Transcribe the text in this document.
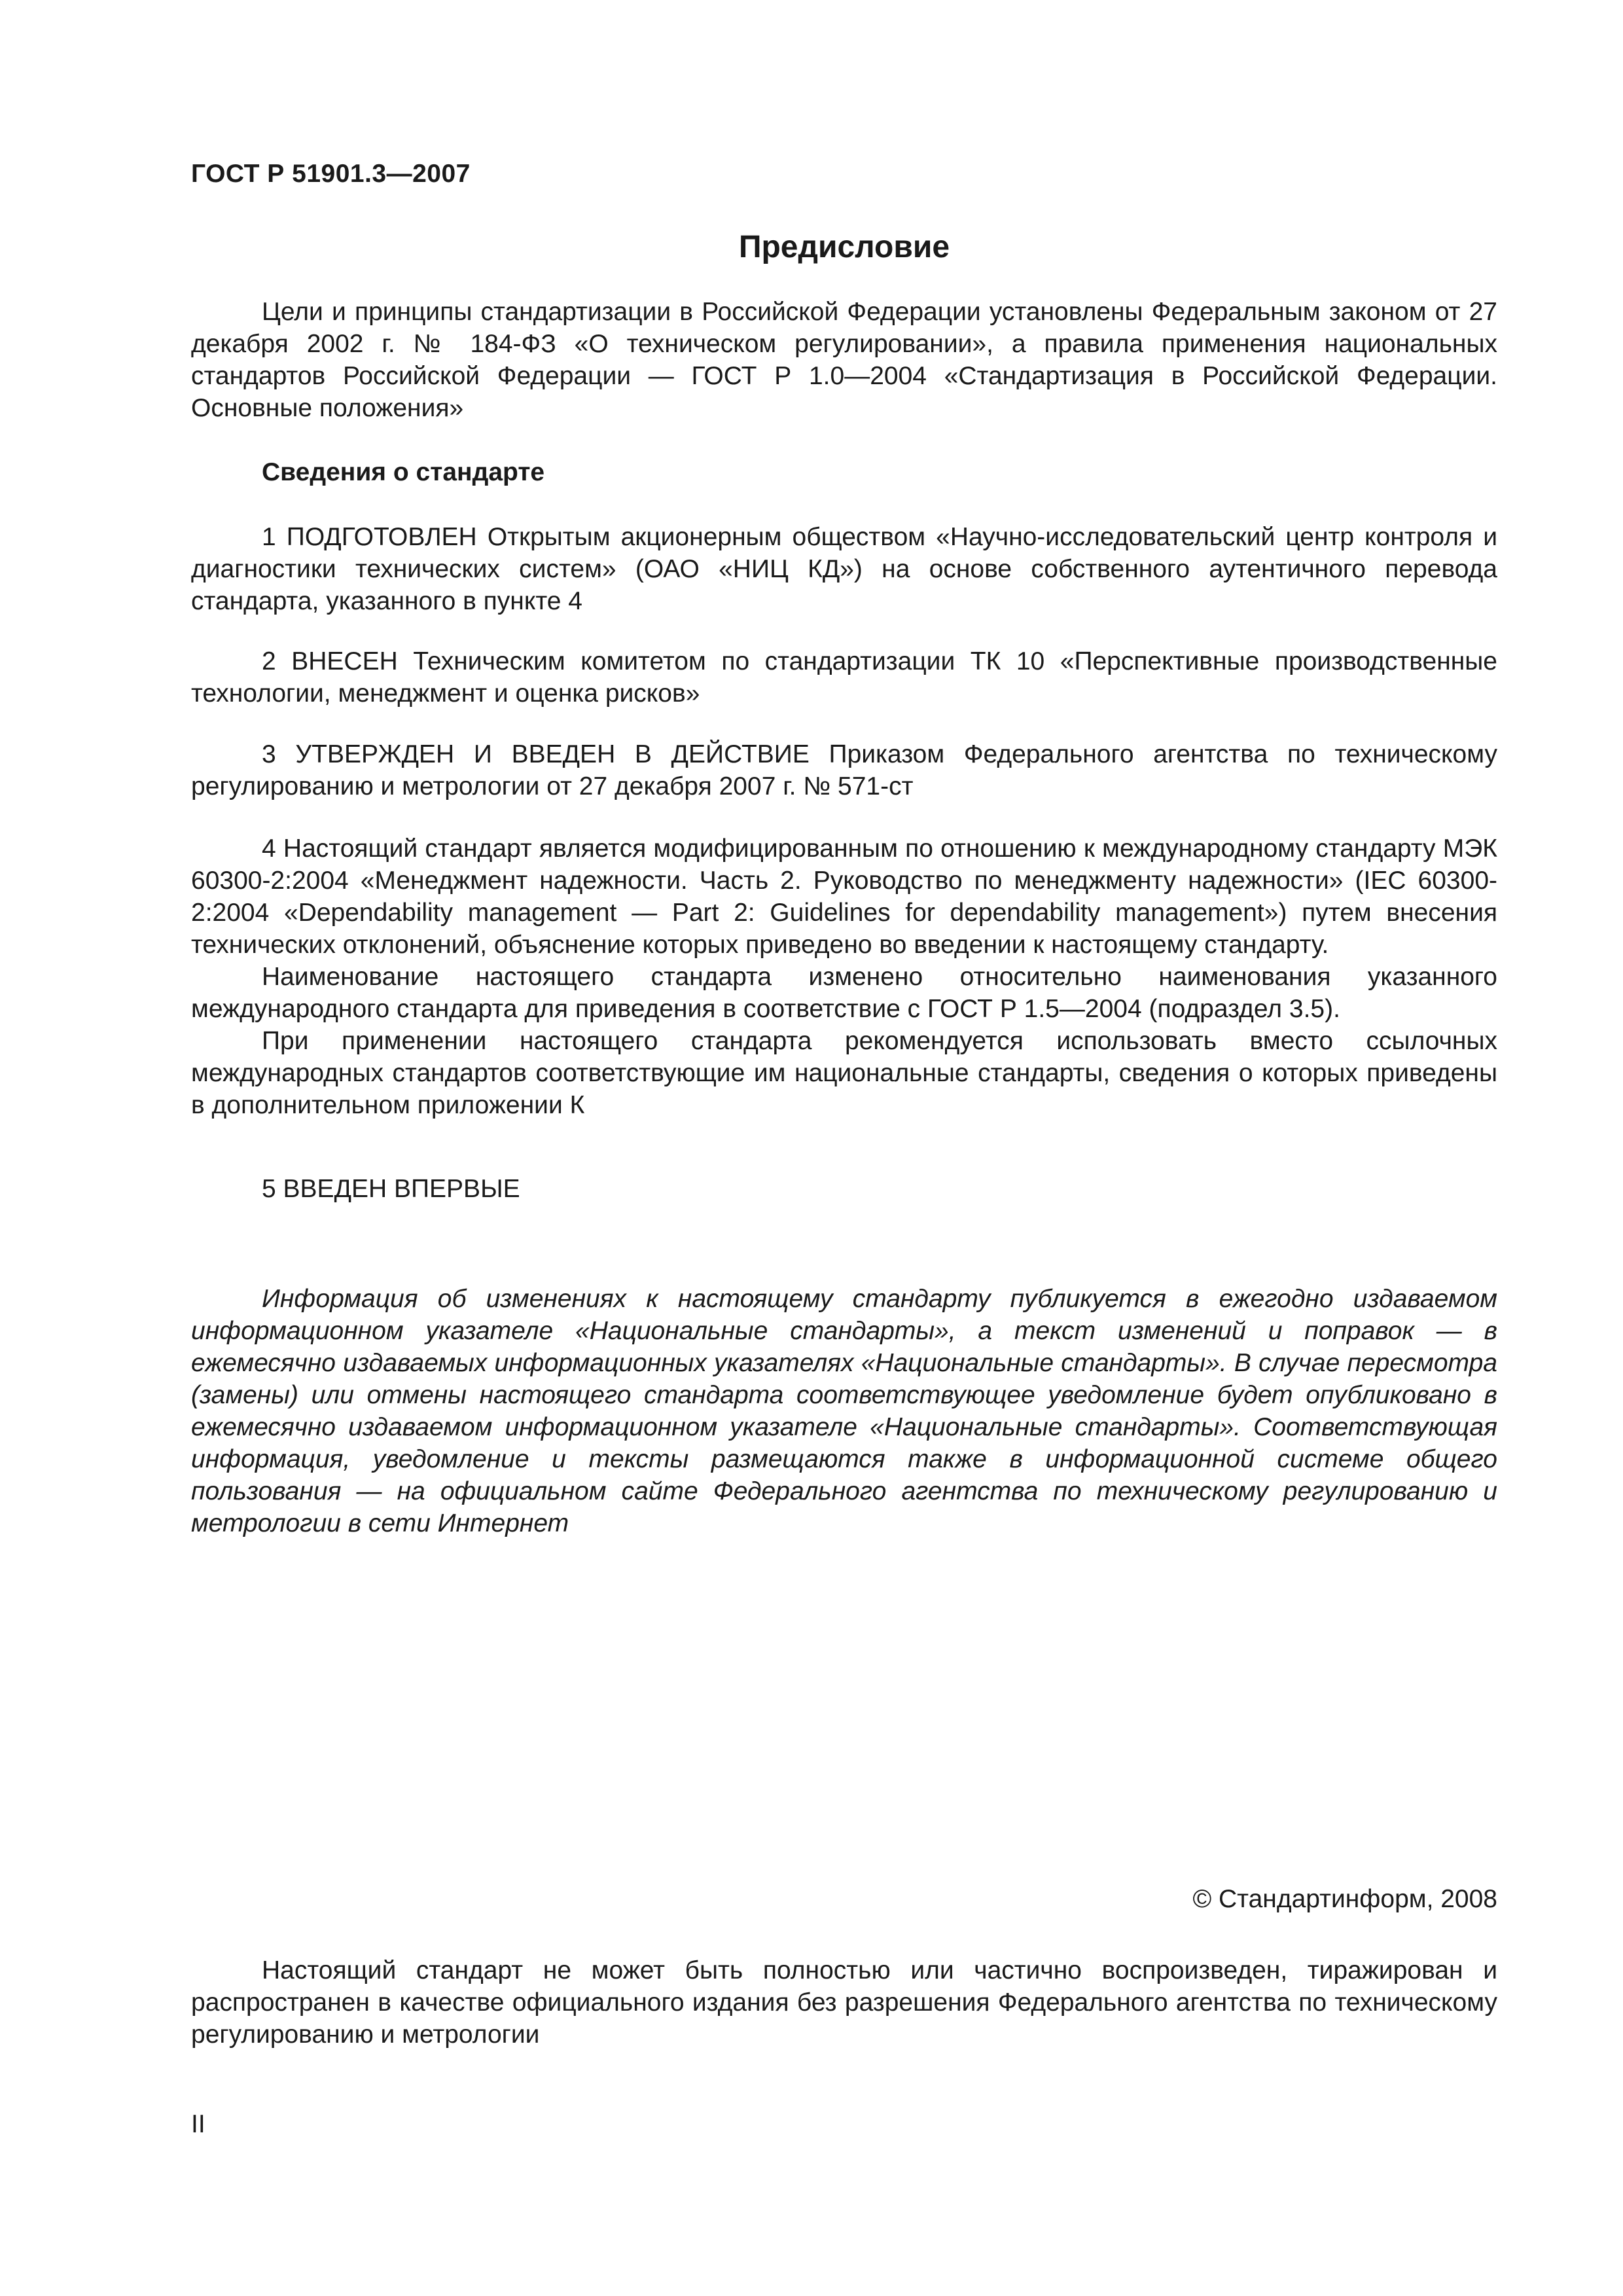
ГОСТ Р 51901.3—2007
Предисловие

Цели и принципы стандартизации в Российской Федерации установлены Федеральным законом от 27 декабря 2002 г. № 184-ФЗ «О техническом регулировании», а правила применения национальных стандартов Российской Федерации — ГОСТ Р 1.0—2004 «Стандартизация в Российской Федерации. Основные положения»

Сведения о стандарте

1 ПОДГОТОВЛЕН Открытым акционерным обществом «Научно-исследовательский центр контроля и диагностики технических систем» (ОАО «НИЦ КД») на основе собственного аутентичного перевода стандарта, указанного в пункте 4

2 ВНЕСЕН Техническим комитетом по стандартизации ТК 10 «Перспективные производственные технологии, менеджмент и оценка рисков»

3 УТВЕРЖДЕН И ВВЕДЕН В ДЕЙСТВИЕ Приказом Федерального агентства по техническому регулированию и метрологии от 27 декабря 2007 г. № 571-ст

4 Настоящий стандарт является модифицированным по отношению к международному стандарту МЭК 60300-2:2004 «Менеджмент надежности. Часть 2. Руководство по менеджменту надежности» (IEC 60300-2:2004 «Dependability management — Part 2: Guidelines for dependability management») путем внесения технических отклонений, объяснение которых приведено во введении к настоящему стандарту.

Наименование настоящего стандарта изменено относительно наименования указанного международного стандарта для приведения в соответствие с ГОСТ Р 1.5—2004 (подраздел 3.5).

При применении настоящего стандарта рекомендуется использовать вместо ссылочных международных стандартов соответствующие им национальные стандарты, сведения о которых приведены в дополнительном приложении К

5 ВВЕДЕН ВПЕРВЫЕ

Информация об изменениях к настоящему стандарту публикуется в ежегодно издаваемом информационном указателе «Национальные стандарты», а текст изменений и поправок — в ежемесячно издаваемых информационных указателях «Национальные стандарты». В случае пересмотра (замены) или отмены настоящего стандарта соответствующее уведомление будет опубликовано в ежемесячно издаваемом информационном указателе «Национальные стандарты». Соответствующая информация, уведомление и тексты размещаются также в информационной системе общего пользования — на официальном сайте Федерального агентства по техническому регулированию и метрологии в сети Интернет

© Стандартинформ, 2008

Настоящий стандарт не может быть полностью или частично воспроизведен, тиражирован и распространен в качестве официального издания без разрешения Федерального агентства по техническому регулированию и метрологии

II
